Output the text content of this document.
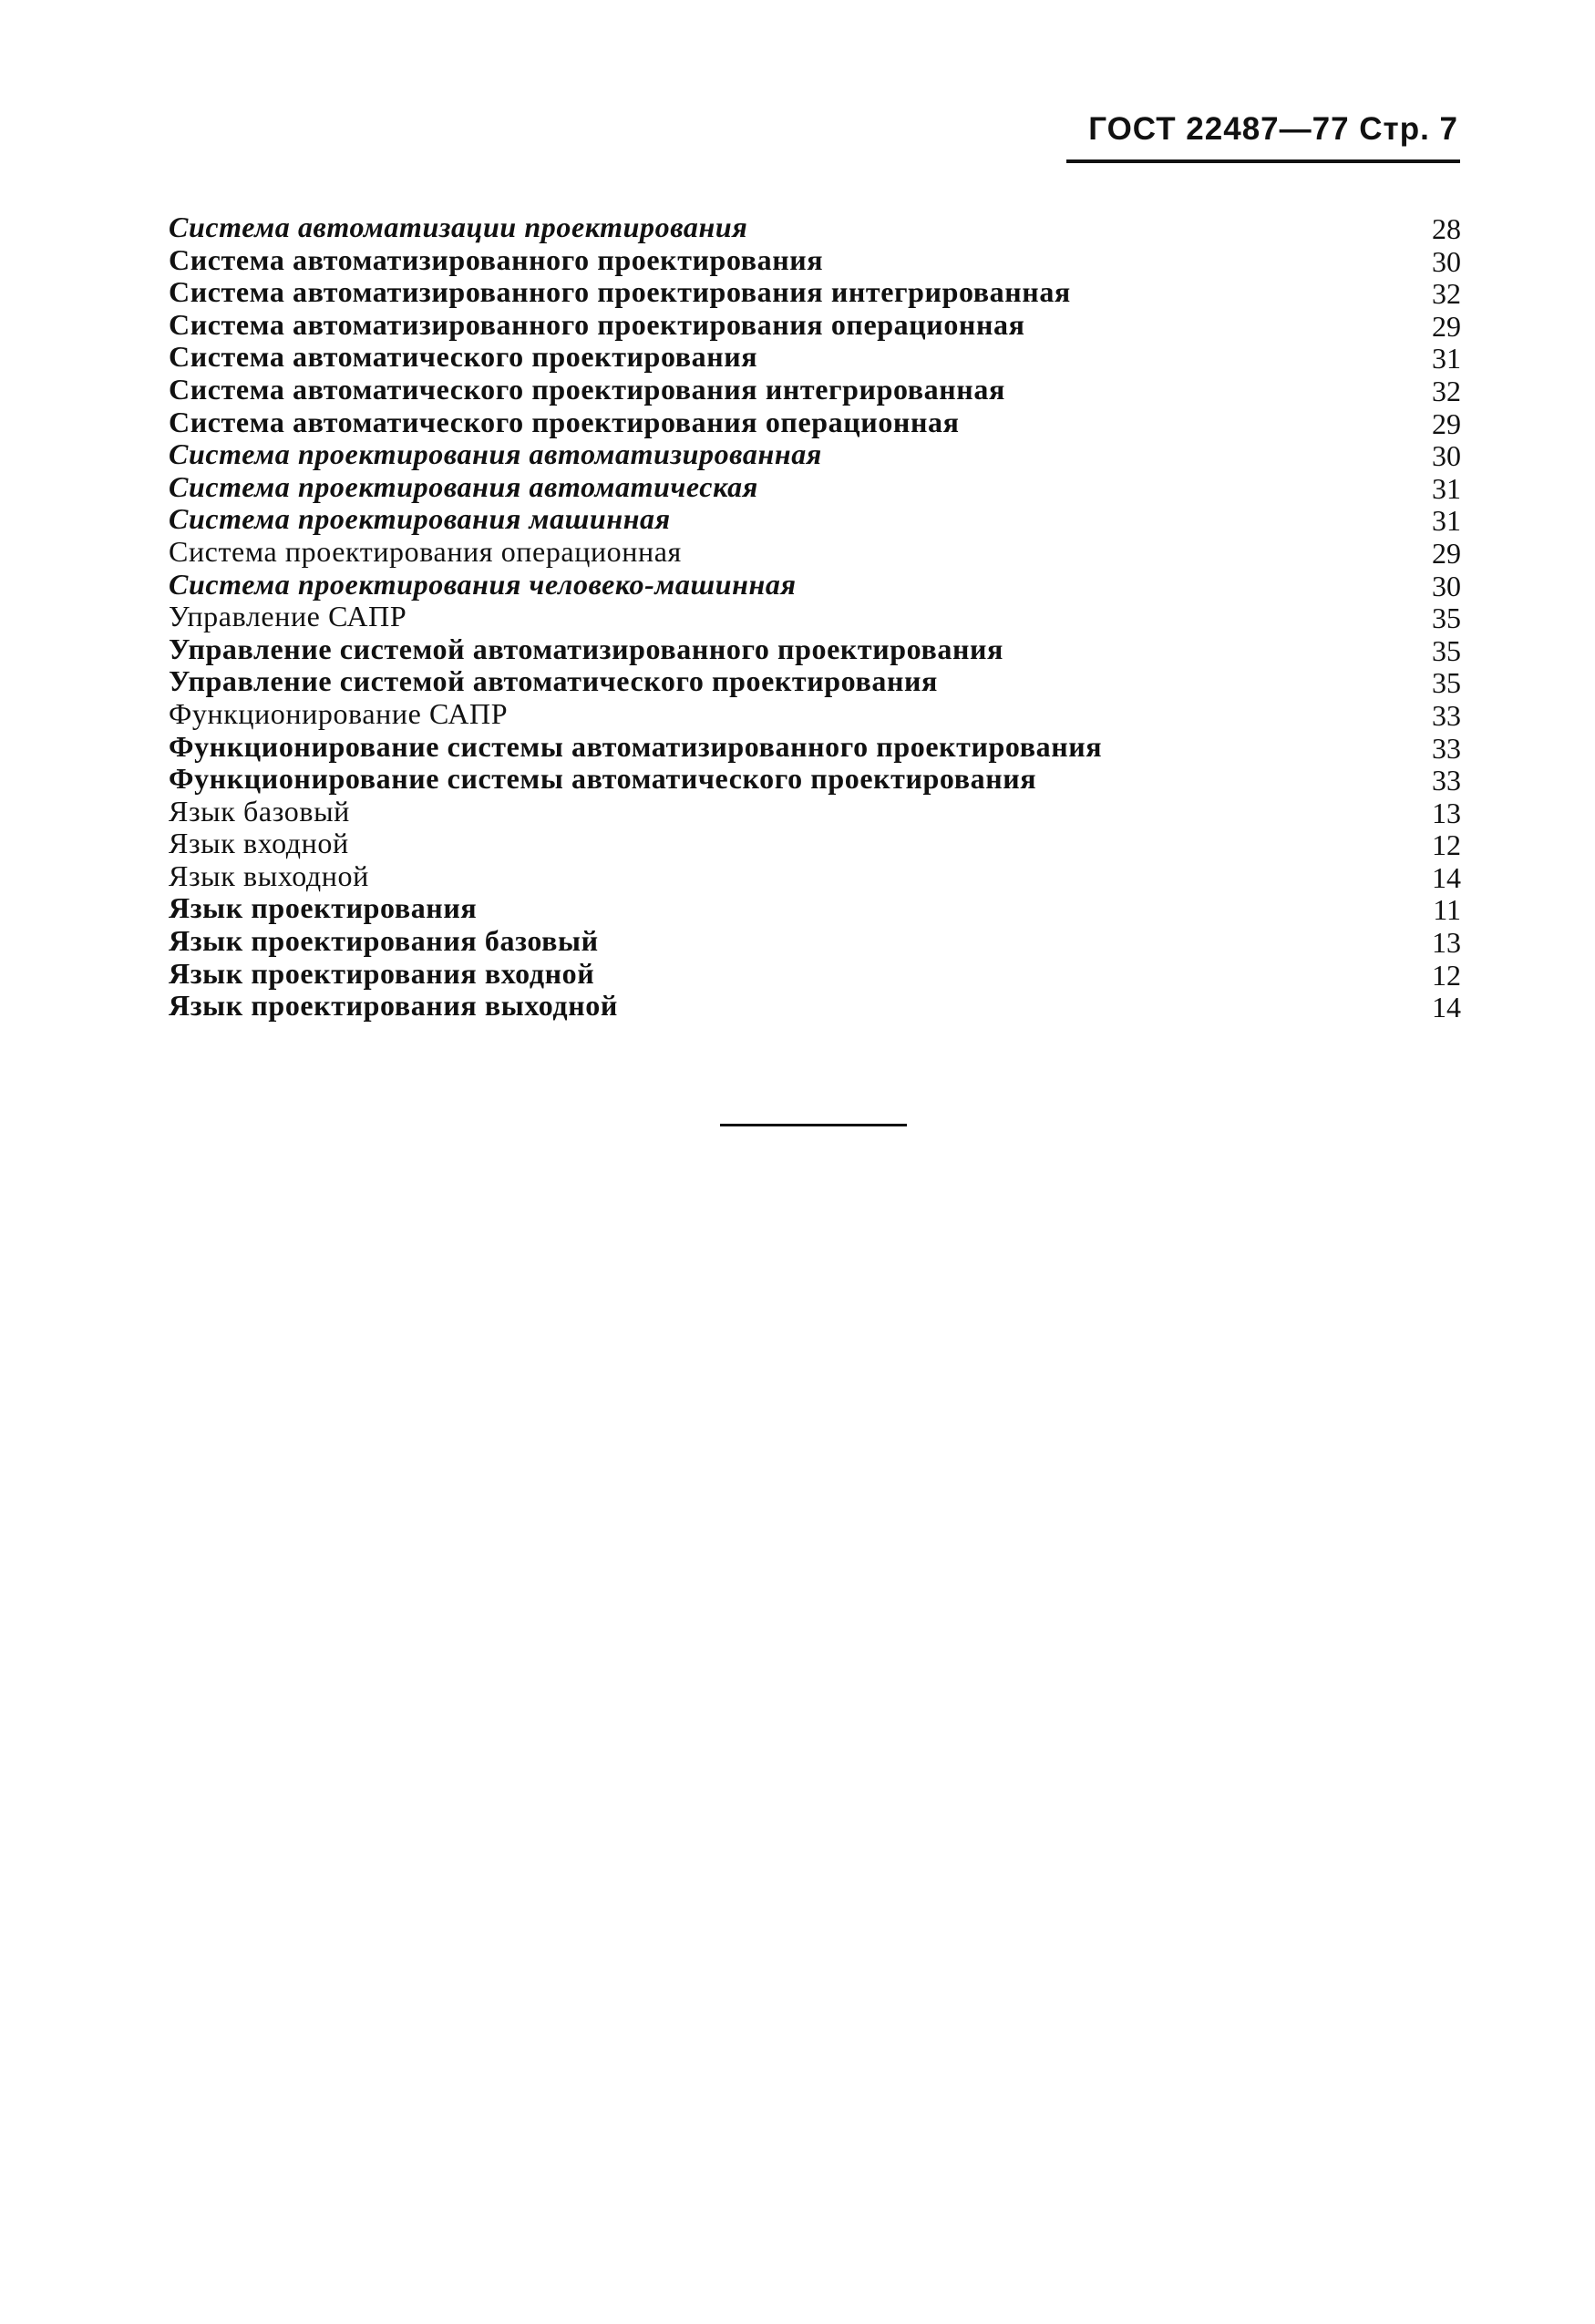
ГОСТ 22487—77 Стр. 7
Система автоматизации проектирования	28
Система автоматизированного проектирования	30
Система автоматизированного проектирования интегрированная	32
Система автоматизированного проектирования операционная	29
Система автоматического проектирования	31
Система автоматического проектирования интегрированная	32
Система автоматического проектирования операционная	29
Система проектирования автоматизированная	30
Система проектирования автоматическая	31
Система проектирования машинная	31
Система проектирования операционная	29
Система проектирования человеко-машинная	30
Управление САПР	35
Управление системой автоматизированного проектирования	35
Управление системой автоматического проектирования	35
Функционирование САПР	33
Функционирование системы автоматизированного проектирования	33
Функционирование системы автоматического проектирования	33
Язык базовый	13
Язык входной	12
Язык выходной	14
Язык проектирования	11
Язык проектирования базовый	13
Язык проектирования входной	12
Язык проектирования выходной	14
